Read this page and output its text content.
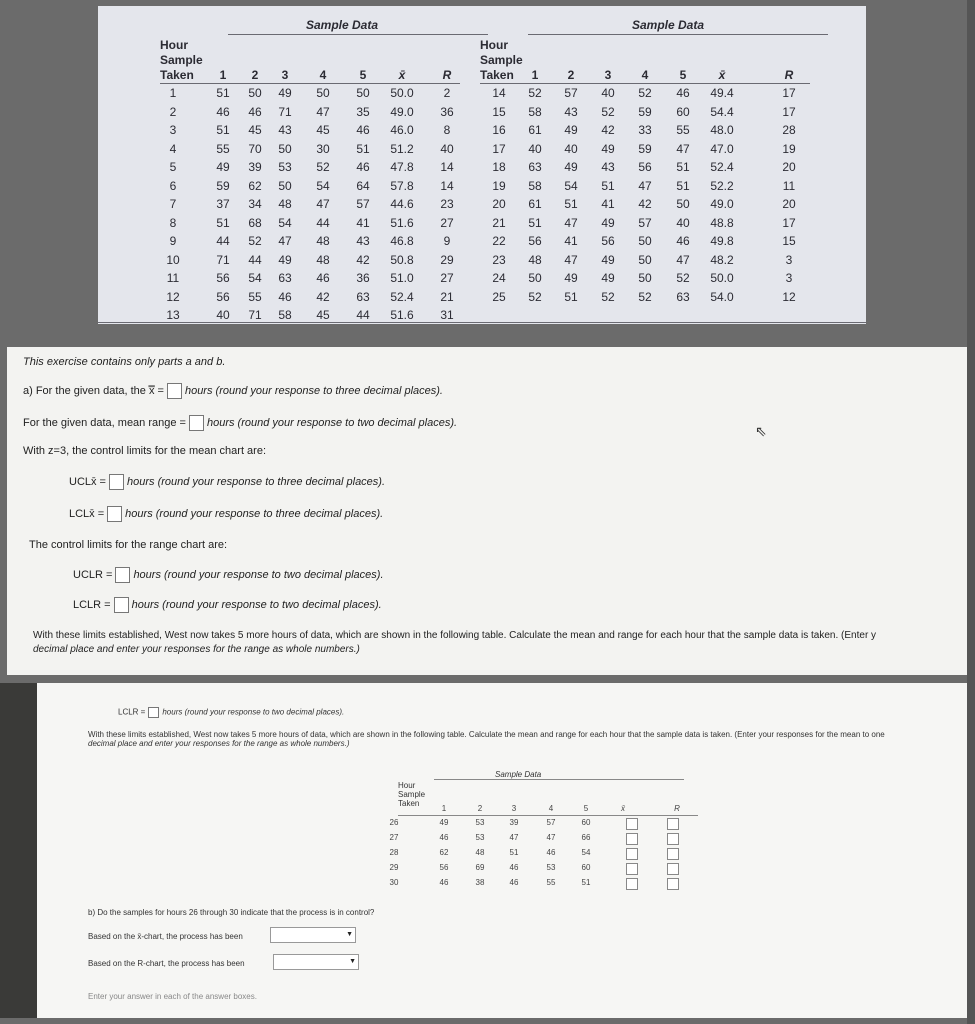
Sample Data	Sample Data
Hour
Sample
Taken
Hour
Sample
Taken
1	2	3	4	5	x̄	R	1	2	3	4	5	x̄	R
1	51	50	49	50	50	50.0	2
2	46	46	71	47	35	49.0	36
3	51	45	43	45	46	46.0	8
4	55	70	50	30	51	51.2	40
5	49	39	53	52	46	47.8	14
6	59	62	50	54	64	57.8	14
7	37	34	48	47	57	44.6	23
8	51	68	54	44	41	51.6	27
9	44	52	47	48	43	46.8	9
10	71	44	49	48	42	50.8	29
11	56	54	63	46	36	51.0	27
12	56	55	46	42	63	52.4	21
13	40	71	58	45	44	51.6	31
14	52	57	40	52	46	49.4	17
15	58	43	52	59	60	54.4	17
16	61	49	42	33	55	48.0	28
17	40	40	49	59	47	47.0	19
18	63	49	43	56	51	52.4	20
19	58	54	51	47	51	52.2	11
20	61	51	41	42	50	49.0	20
21	51	47	49	57	40	48.8	17
22	56	41	56	50	46	49.8	15
23	48	47	49	50	47	48.2	3
24	50	49	49	50	52	50.0	3
25	52	51	52	52	63	54.0	12
This exercise contains only parts a and b.
a) For the given data, the x̿ = hours (round your response to three decimal places).
For the given data, mean range = hours (round your response to two decimal places).
With z=3, the control limits for the mean chart are:
UCLx̄ = hours (round your response to three decimal places).
LCLx̄ = hours (round your response to three decimal places).
The control limits for the range chart are:
UCLR = hours (round your response to two decimal places).
LCLR = hours (round your response to two decimal places).
With these limits established, West now takes 5 more hours of data, which are shown in the following table. Calculate the mean and range for each hour that the sample data is taken. (Enter y
decimal place and enter your responses for the range as whole numbers.)
⇖
LCLR = hours (round your response to two decimal places).
With these limits established, West now takes 5 more hours of data, which are shown in the following table. Calculate the mean and range for each hour that the sample data is taken. (Enter your responses for the mean to one
decimal place and enter your responses for the range as whole numbers.)
Sample Data
Hour
Sample
Taken
1	2	3	4	5	x̄	R
26	49	53	39	57	60
27	46	53	47	47	66
28	62	48	51	46	54
29	56	69	46	53	60
30	46	38	46	55	51
b) Do the samples for hours 26 through 30 indicate that the process is in control?
Based on the x̄-chart, the process has been	▼
Based on the R-chart, the process has been	▼
Enter your answer in each of the answer boxes.
